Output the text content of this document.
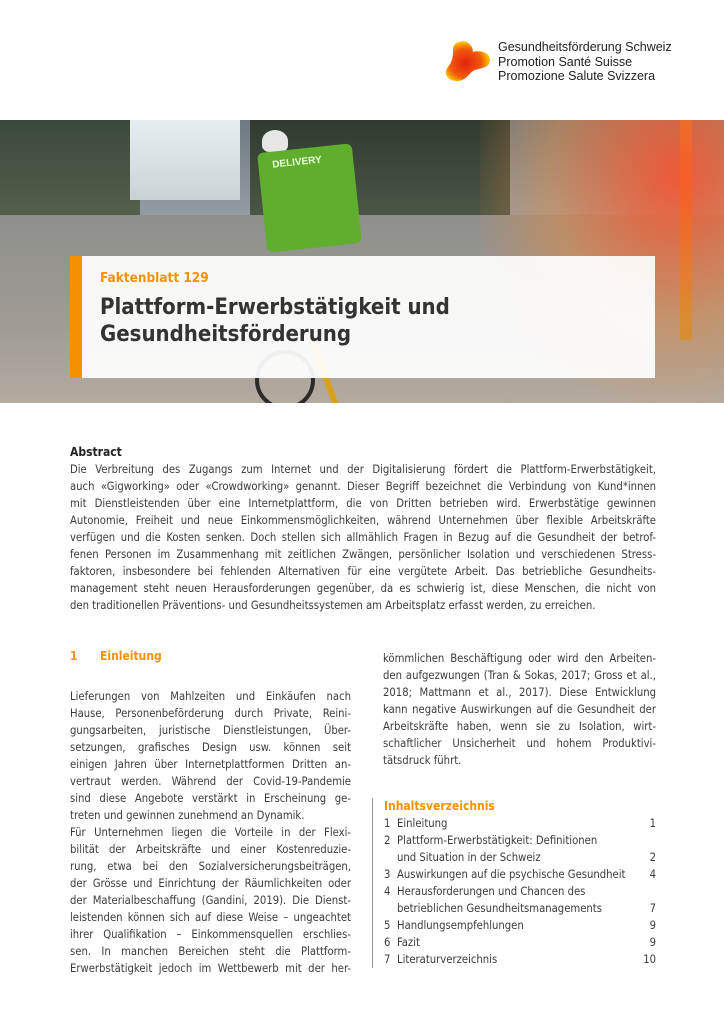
Gesundheitsförderung Schweiz
Promotion Santé Suisse
Promozione Salute Svizzera
DELIVERY
Faktenblatt 129
Plattform-Erwerbstätigkeit und
Gesundheitsförderung
Abstract
Die Verbreitung des Zugangs zum Internet und der Digitalisierung fördert die Plattform-Erwerbstätigkeit,
auch «Gigworking» oder «Crowdworking» genannt. Dieser Begriff bezeichnet die Verbindung von Kund*innen
mit Dienstleistenden über eine Internetplattform, die von Dritten betrieben wird. Erwerbstätige gewinnen
Autonomie, Freiheit und neue Einkommensmöglichkeiten, während Unternehmen über flexible Arbeitskräfte
verfügen und die Kosten senken. Doch stellen sich allmählich Fragen in Bezug auf die Gesundheit der betrof-
fenen Personen im Zusammenhang mit zeitlichen Zwängen, persönlicher Isolation und verschiedenen Stress-
faktoren, insbesondere bei fehlenden Alternativen für eine vergütete Arbeit. Das betriebliche Gesundheits-
management steht neuen Herausforderungen gegenüber, da es schwierig ist, diese Menschen, die nicht von
den traditionellen Präventions- und Gesundheitssystemen am Arbeitsplatz erfasst werden, zu erreichen.
1 Einleitung
Lieferungen von Mahlzeiten und Einkäufen nach
Hause, Personenbeförderung durch Private, Reini-
gungsarbeiten, juristische Dienstleistungen, Über-
setzungen, grafisches Design usw. können seit
einigen Jahren über Internetplattformen Dritten an-
vertraut werden. Während der Covid-19-Pandemie
sind diese Angebote verstärkt in Erscheinung ge-
treten und gewinnen zunehmend an Dynamik.
Für Unternehmen liegen die Vorteile in der Flexi-
bilität der Arbeitskräfte und einer Kostenreduzie-
rung, etwa bei den Sozialversicherungsbeiträgen,
der Grösse und Einrichtung der Räumlichkeiten oder
der Materialbeschaffung (Gandini, 2019). Die Dienst-
leistenden können sich auf diese Weise – ungeachtet
ihrer Qualifikation – Einkommensquellen erschlies-
sen. In manchen Bereichen steht die Plattform-
Erwerbstätigkeit jedoch im Wettbewerb mit der her-
kömmlichen Beschäftigung oder wird den Arbeiten-
den aufgezwungen (Tran & Sokas, 2017; Gross et al.,
2018; Mattmann et al., 2017). Diese Entwicklung
kann negative Auswirkungen auf die Gesundheit der
Arbeitskräfte haben, wenn sie zu Isolation, wirt-
schaftlicher Unsicherheit und hohem Produktivi-
tätsdruck führt.
Inhaltsverzeichnis
1 Einleitung	1
2 Plattform-Erwerbstätigkeit: Definitionen
und Situation in der Schweiz	2
3 Auswirkungen auf die psychische Gesundheit	4
4 Herausforderungen und Chancen des
betrieblichen Gesundheitsmanagements	7
5 Handlungsempfehlungen	9
6 Fazit	9
7 Literaturverzeichnis	10
